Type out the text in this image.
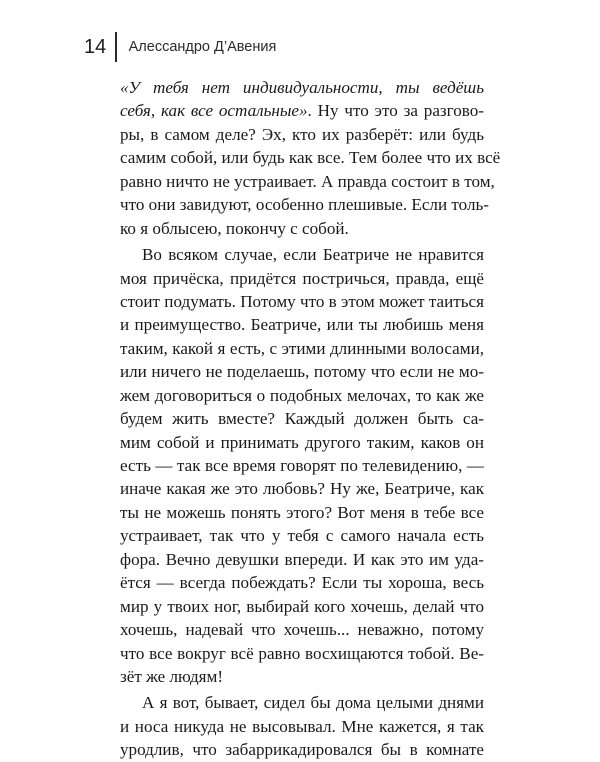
14	Алессандро Д’Авения
«У тебя нет индивидуальности, ты ведёшь
себя, как все остальные». Ну что это за разгово-
ры, в самом деле? Эх, кто их разберёт: или будь
самим собой, или будь как все. Тем более что их всё
равно ничто не устраивает. А правда состоит в том,
что они завидуют, особенно плешивые. Если толь-
ко я облысею, покончу с собой.
Во всяком случае, если Беатриче не нравится
моя причёска, придётся постричься, правда, ещё
стоит подумать. Потому что в этом может таиться
и преимущество. Беатриче, или ты любишь меня
таким, какой я есть, с этими длинными волосами,
или ничего не поделаешь, потому что если не мо-
жем договориться о подобных мелочах, то как же
будем жить вместе? Каждый должен быть са-
мим собой и принимать другого таким, каков он
есть — так все время говорят по телевидению, —
иначе какая же это любовь? Ну же, Беатриче, как
ты не можешь понять этого? Вот меня в тебе все
устраивает, так что у тебя с самого начала есть
фора. Вечно девушки впереди. И как это им уда-
ётся — всегда побеждать? Если ты хороша, весь
мир у твоих ног, выбирай кого хочешь, делай что
хочешь, надевай что хочешь... неважно, потому
что все вокруг всё равно восхищаются тобой. Ве-
зёт же людям!
А я вот, бывает, сидел бы дома целыми днями
и носа никуда не высовывал. Мне кажется, я так
уродлив, что забаррикадировался бы в комнате
